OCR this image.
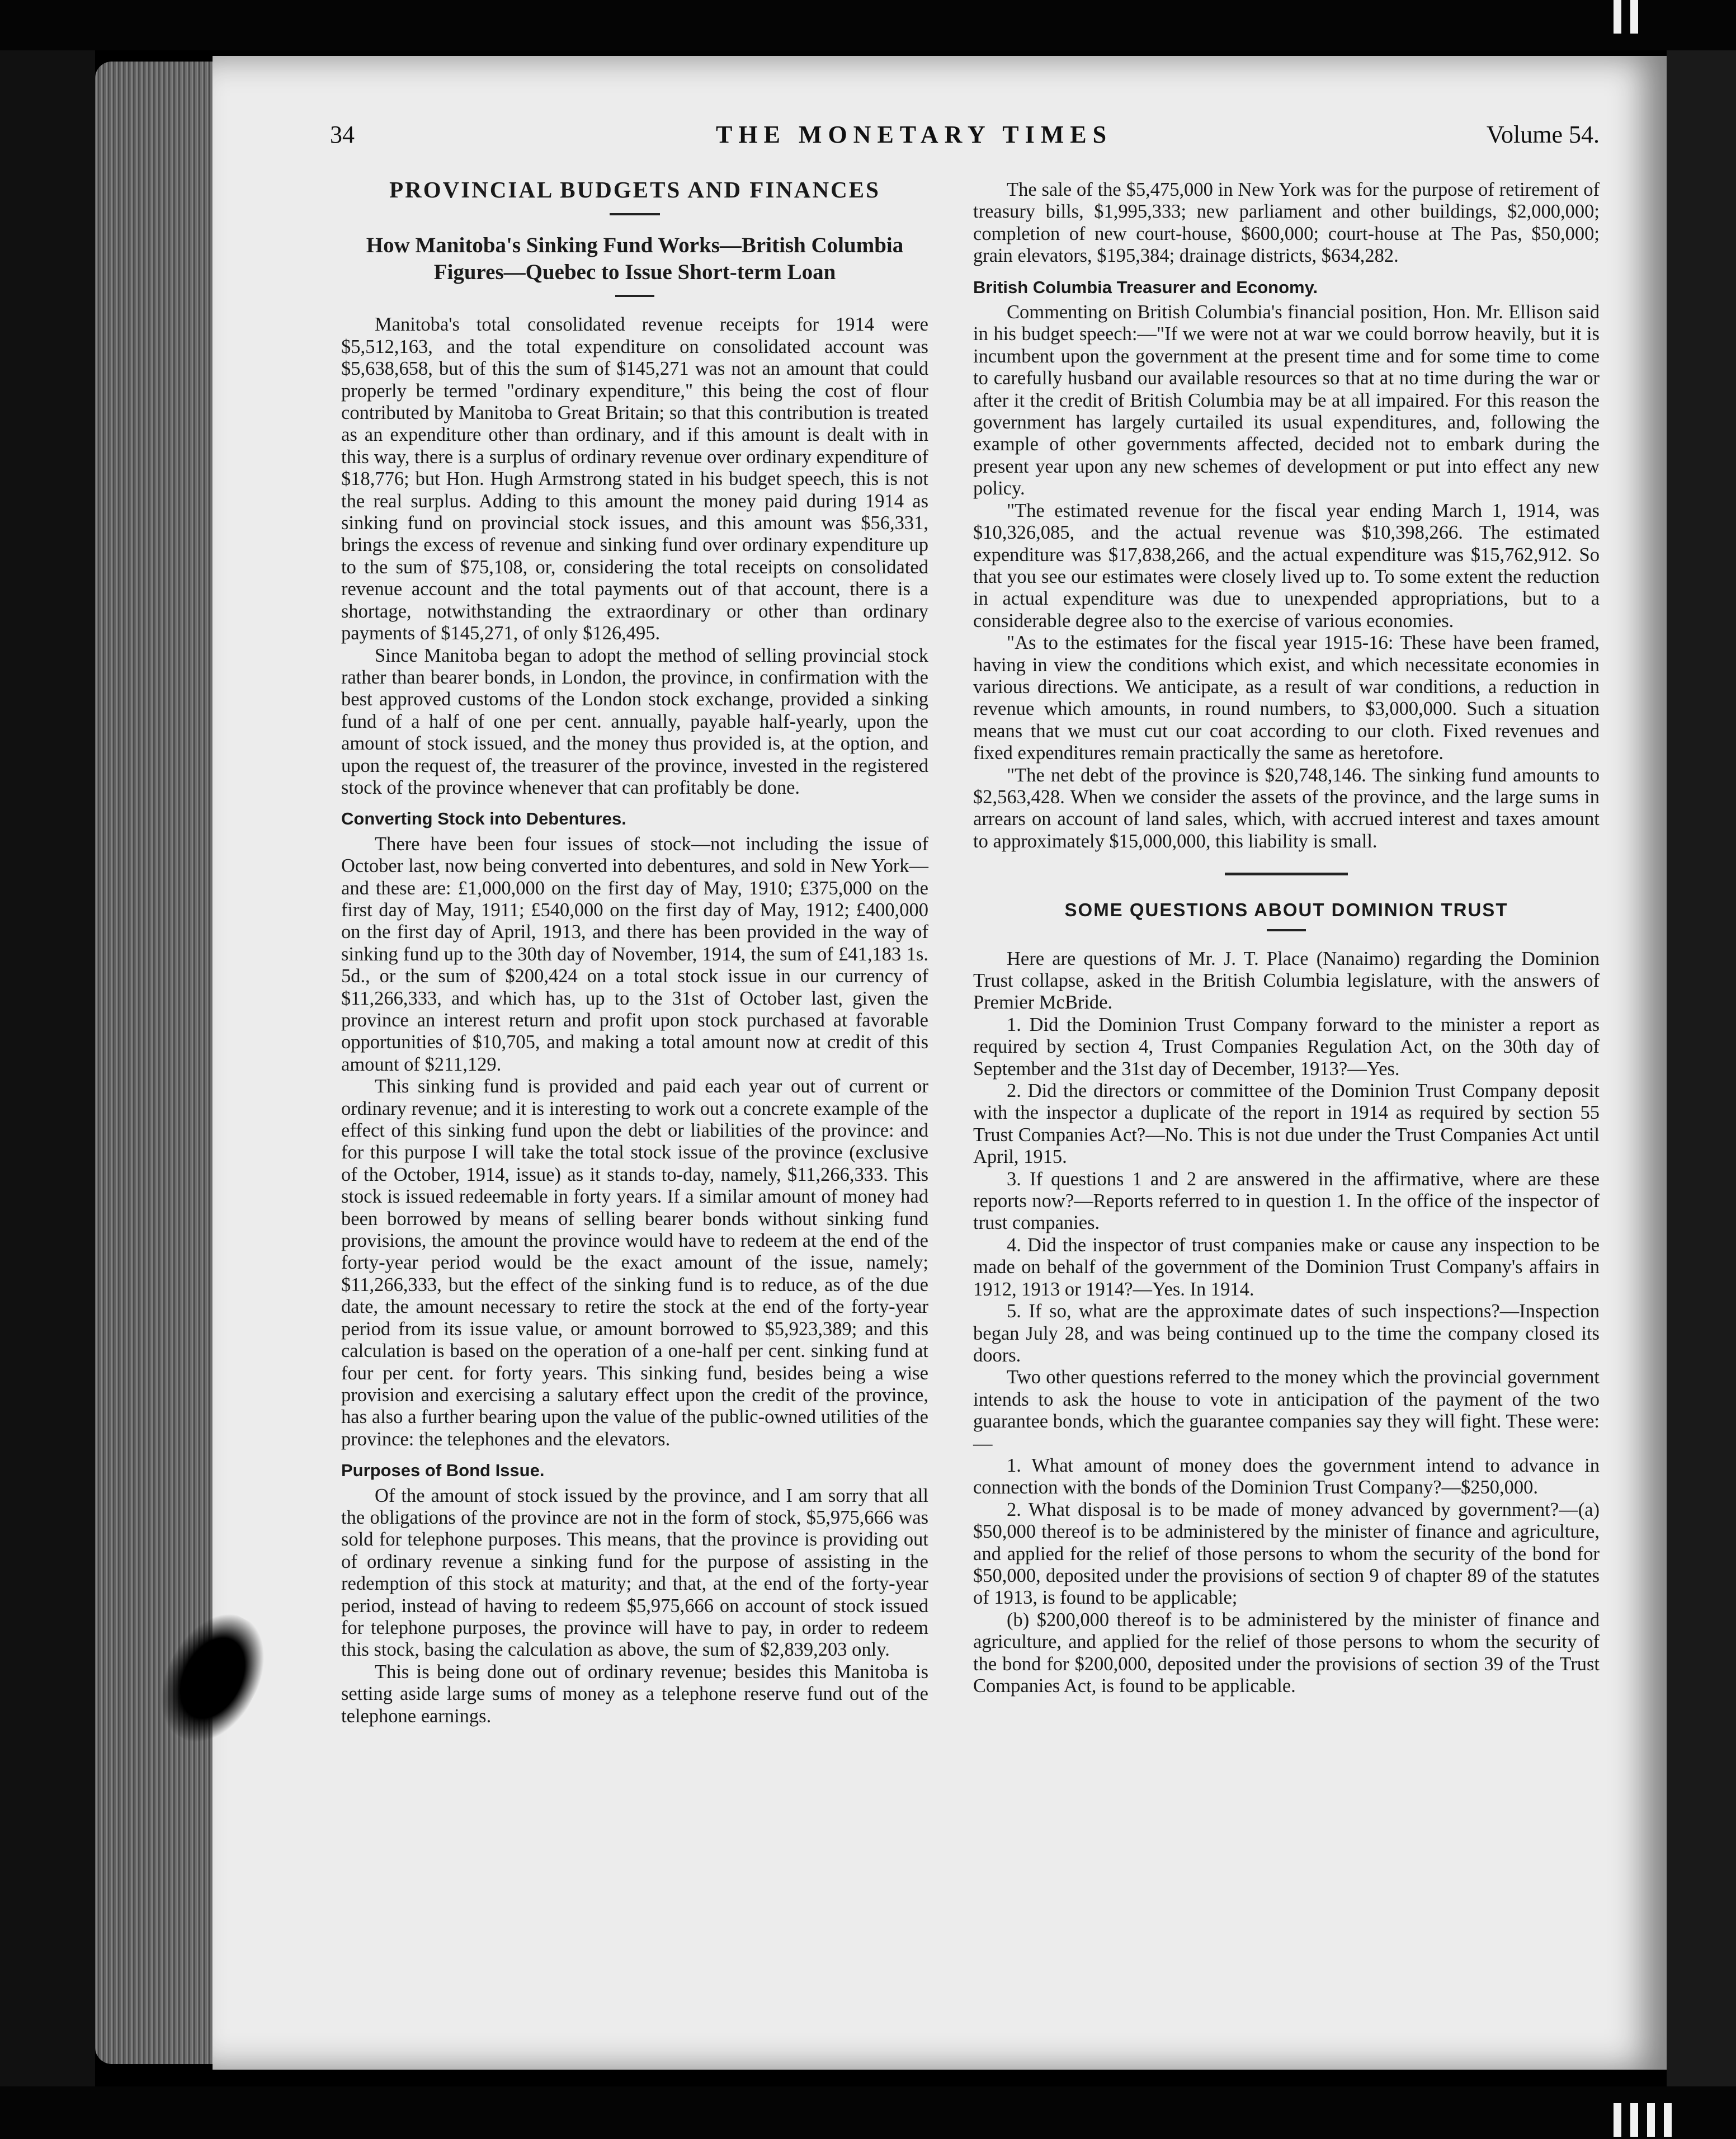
34	THE MONETARY TIMES	Volume 54.
PROVINCIAL BUDGETS AND FINANCES
How Manitoba's Sinking Fund Works—British Columbia Figures—Quebec to Issue Short-term Loan

Manitoba's total consolidated revenue receipts for 1914 were $5,512,163, and the total expenditure on consolidated account was $5,638,658, but of this the sum of $145,271 was not an amount that could properly be termed "ordinary expenditure," this being the cost of flour contributed by Manitoba to Great Britain; so that this contribution is treated as an expenditure other than ordinary, and if this amount is dealt with in this way, there is a surplus of ordinary revenue over ordinary expenditure of $18,776; but Hon. Hugh Armstrong stated in his budget speech, this is not the real surplus. Adding to this amount the money paid during 1914 as sinking fund on provincial stock issues, and this amount was $56,331, brings the excess of revenue and sinking fund over ordinary expenditure up to the sum of $75,108, or, considering the total receipts on consolidated revenue account and the total payments out of that account, there is a shortage, notwithstanding the extraordinary or other than ordinary payments of $145,271, of only $126,495.

Since Manitoba began to adopt the method of selling provincial stock rather than bearer bonds, in London, the province, in confirmation with the best approved customs of the London stock exchange, provided a sinking fund of a half of one per cent. annually, payable half-yearly, upon the amount of stock issued, and the money thus provided is, at the option, and upon the request of, the treasurer of the province, invested in the registered stock of the province whenever that can profitably be done.

Converting Stock into Debentures.

There have been four issues of stock—not including the issue of October last, now being converted into debentures, and sold in New York—and these are: £1,000,000 on the first day of May, 1910; £375,000 on the first day of May, 1911; £540,000 on the first day of May, 1912; £400,000 on the first day of April, 1913, and there has been provided in the way of sinking fund up to the 30th day of November, 1914, the sum of £41,183 1s. 5d., or the sum of $200,424 on a total stock issue in our currency of $11,266,333, and which has, up to the 31st of October last, given the province an interest return and profit upon stock purchased at favorable opportunities of $10,705, and making a total amount now at credit of this amount of $211,129.

This sinking fund is provided and paid each year out of current or ordinary revenue; and it is interesting to work out a concrete example of the effect of this sinking fund upon the debt or liabilities of the province: and for this purpose I will take the total stock issue of the province (exclusive of the October, 1914, issue) as it stands to-day, namely, $11,266,333. This stock is issued redeemable in forty years. If a similar amount of money had been borrowed by means of selling bearer bonds without sinking fund provisions, the amount the province would have to redeem at the end of the forty-year period would be the exact amount of the issue, namely; $11,266,333, but the effect of the sinking fund is to reduce, as of the due date, the amount necessary to retire the stock at the end of the forty-year period from its issue value, or amount borrowed to $5,923,389; and this calculation is based on the operation of a one-half per cent. sinking fund at four per cent. for forty years. This sinking fund, besides being a wise provision and exercising a salutary effect upon the credit of the province, has also a further bearing upon the value of the public-owned utilities of the province: the telephones and the elevators.

Purposes of Bond Issue.

Of the amount of stock issued by the province, and I am sorry that all the obligations of the province are not in the form of stock, $5,975,666 was sold for telephone purposes. This means, that the province is providing out of ordinary revenue a sinking fund for the purpose of assisting in the redemption of this stock at maturity; and that, at the end of the forty-year period, instead of having to redeem $5,975,666 on account of stock issued for telephone purposes, the province will have to pay, in order to redeem this stock, basing the calculation as above, the sum of $2,839,203 only.

This is being done out of ordinary revenue; besides this Manitoba is setting aside large sums of money as a telephone reserve fund out of the telephone earnings.

The sale of the $5,475,000 in New York was for the purpose of retirement of treasury bills, $1,995,333; new parliament and other buildings, $2,000,000; completion of new court-house, $600,000; court-house at The Pas, $50,000; grain elevators, $195,384; drainage districts, $634,282.

British Columbia Treasurer and Economy.

Commenting on British Columbia's financial position, Hon. Mr. Ellison said in his budget speech:—"If we were not at war we could borrow heavily, but it is incumbent upon the government at the present time and for some time to come to carefully husband our available resources so that at no time during the war or after it the credit of British Columbia may be at all impaired. For this reason the government has largely curtailed its usual expenditures, and, following the example of other governments affected, decided not to embark during the present year upon any new schemes of development or put into effect any new policy.

"The estimated revenue for the fiscal year ending March 1, 1914, was $10,326,085, and the actual revenue was $10,398,266. The estimated expenditure was $17,838,266, and the actual expenditure was $15,762,912. So that you see our estimates were closely lived up to. To some extent the reduction in actual expenditure was due to unexpended appropriations, but to a considerable degree also to the exercise of various economies.

"As to the estimates for the fiscal year 1915-16: These have been framed, having in view the conditions which exist, and which necessitate economies in various directions. We anticipate, as a result of war conditions, a reduction in revenue which amounts, in round numbers, to $3,000,000. Such a situation means that we must cut our coat according to our cloth. Fixed revenues and fixed expenditures remain practically the same as heretofore.

"The net debt of the province is $20,748,146. The sinking fund amounts to $2,563,428. When we consider the assets of the province, and the large sums in arrears on account of land sales, which, with accrued interest and taxes amount to approximately $15,000,000, this liability is small.

SOME QUESTIONS ABOUT DOMINION TRUST

Here are questions of Mr. J. T. Place (Nanaimo) regarding the Dominion Trust collapse, asked in the British Columbia legislature, with the answers of Premier McBride.

1. Did the Dominion Trust Company forward to the minister a report as required by section 4, Trust Companies Regulation Act, on the 30th day of September and the 31st day of December, 1913?—Yes.

2. Did the directors or committee of the Dominion Trust Company deposit with the inspector a duplicate of the report in 1914 as required by section 55 Trust Companies Act?—No. This is not due under the Trust Companies Act until April, 1915.

3. If questions 1 and 2 are answered in the affirmative, where are these reports now?—Reports referred to in question 1. In the office of the inspector of trust companies.

4. Did the inspector of trust companies make or cause any inspection to be made on behalf of the government of the Dominion Trust Company's affairs in 1912, 1913 or 1914?—Yes. In 1914.

5. If so, what are the approximate dates of such inspections?—Inspection began July 28, and was being continued up to the time the company closed its doors.

Two other questions referred to the money which the provincial government intends to ask the house to vote in anticipation of the payment of the two guarantee bonds, which the guarantee companies say they will fight. These were:—

1. What amount of money does the government intend to advance in connection with the bonds of the Dominion Trust Company?—$250,000.

2. What disposal is to be made of money advanced by government?—(a) $50,000 thereof is to be administered by the minister of finance and agriculture, and applied for the relief of those persons to whom the security of the bond for $50,000, deposited under the provisions of section 9 of chapter 89 of the statutes of 1913, is found to be applicable;

(b) $200,000 thereof is to be administered by the minister of finance and agriculture, and applied for the relief of those persons to whom the security of the bond for $200,000, deposited under the provisions of section 39 of the Trust Companies Act, is found to be applicable.
